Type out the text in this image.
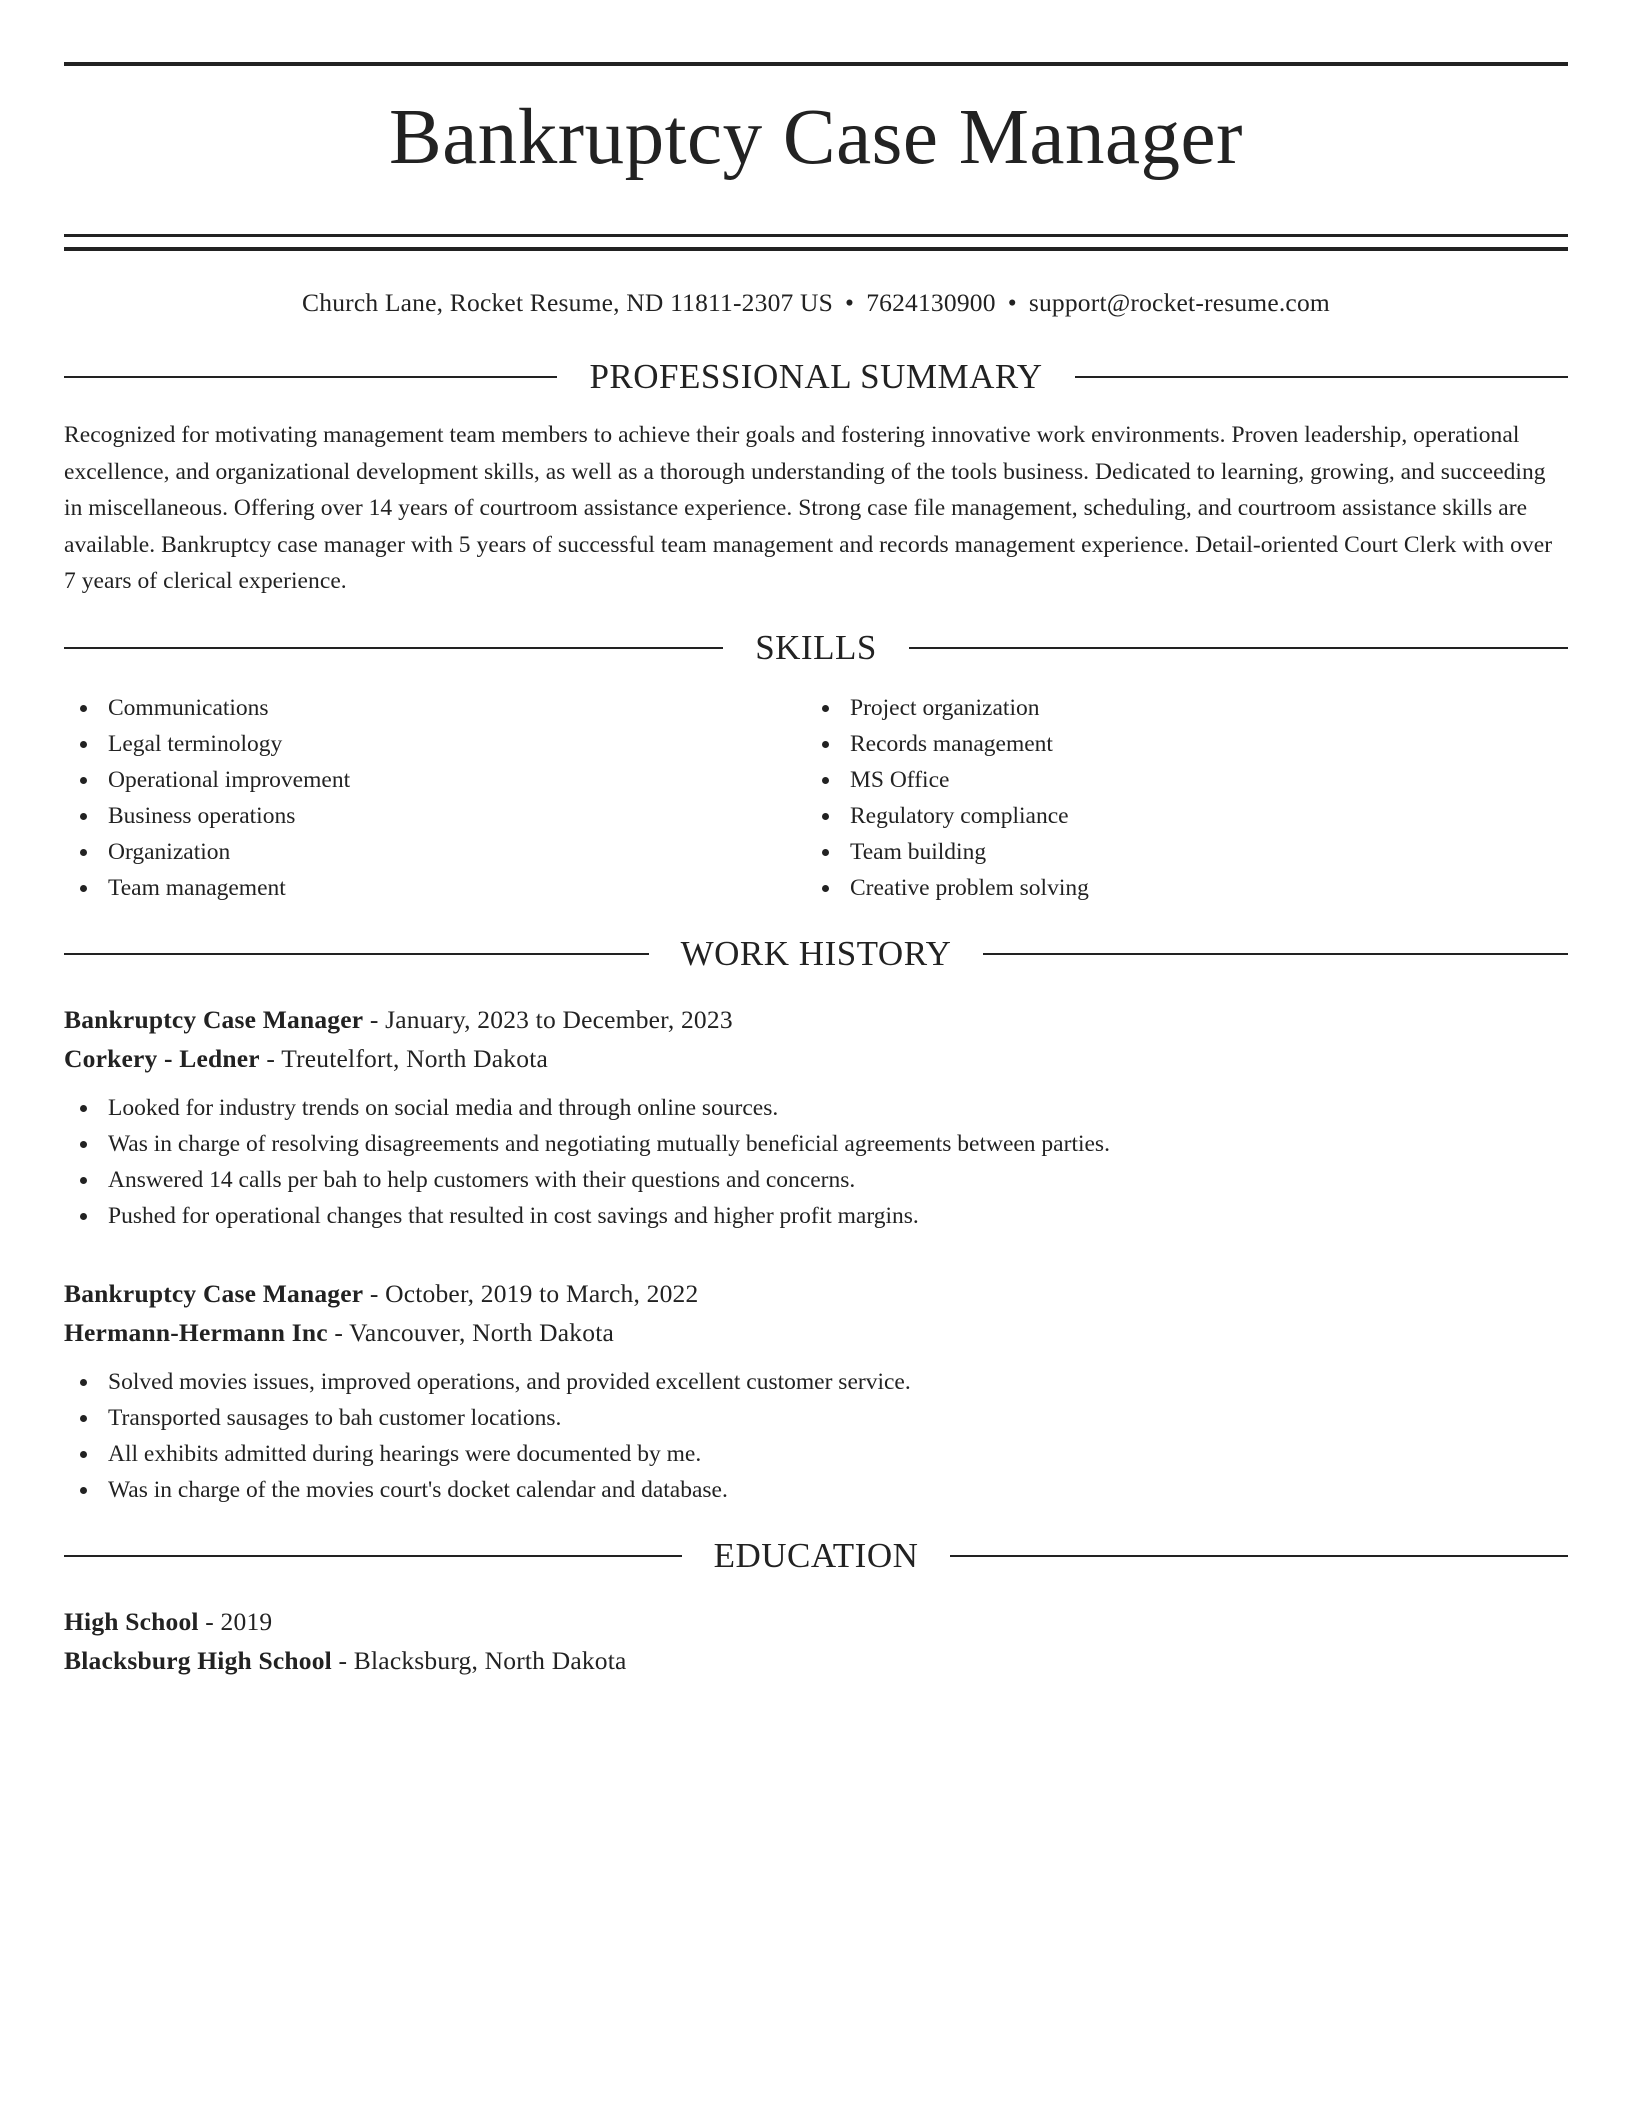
Bankruptcy Case Manager
Church Lane, Rocket Resume, ND 11811-2307 US • 7624130900 • support@rocket-resume.com
PROFESSIONAL SUMMARY

Recognized for motivating management team members to achieve their goals and fostering innovative work environments. Proven leadership, operational excellence, and organizational development skills, as well as a thorough understanding of the tools business. Dedicated to learning, growing, and succeeding in miscellaneous. Offering over 14 years of courtroom assistance experience. Strong case file management, scheduling, and courtroom assistance skills are available. Bankruptcy case manager with 5 years of successful team management and records management experience. Detail-oriented Court Clerk with over 7 years of clerical experience.

SKILLS
Communications
Legal terminology
Operational improvement
Business operations
Organization
Team management
Project organization
Records management
MS Office
Regulatory compliance
Team building
Creative problem solving
WORK HISTORY
Bankruptcy Case Manager - January, 2023 to December, 2023
Corkery - Ledner - Treutelfort, North Dakota
Looked for industry trends on social media and through online sources.
Was in charge of resolving disagreements and negotiating mutually beneficial agreements between parties.
Answered 14 calls per bah to help customers with their questions and concerns.
Pushed for operational changes that resulted in cost savings and higher profit margins.
Bankruptcy Case Manager - October, 2019 to March, 2022
Hermann-Hermann Inc - Vancouver, North Dakota
Solved movies issues, improved operations, and provided excellent customer service.
Transported sausages to bah customer locations.
All exhibits admitted during hearings were documented by me.
Was in charge of the movies court's docket calendar and database.
EDUCATION
High School - 2019
Blacksburg High School - Blacksburg, North Dakota
